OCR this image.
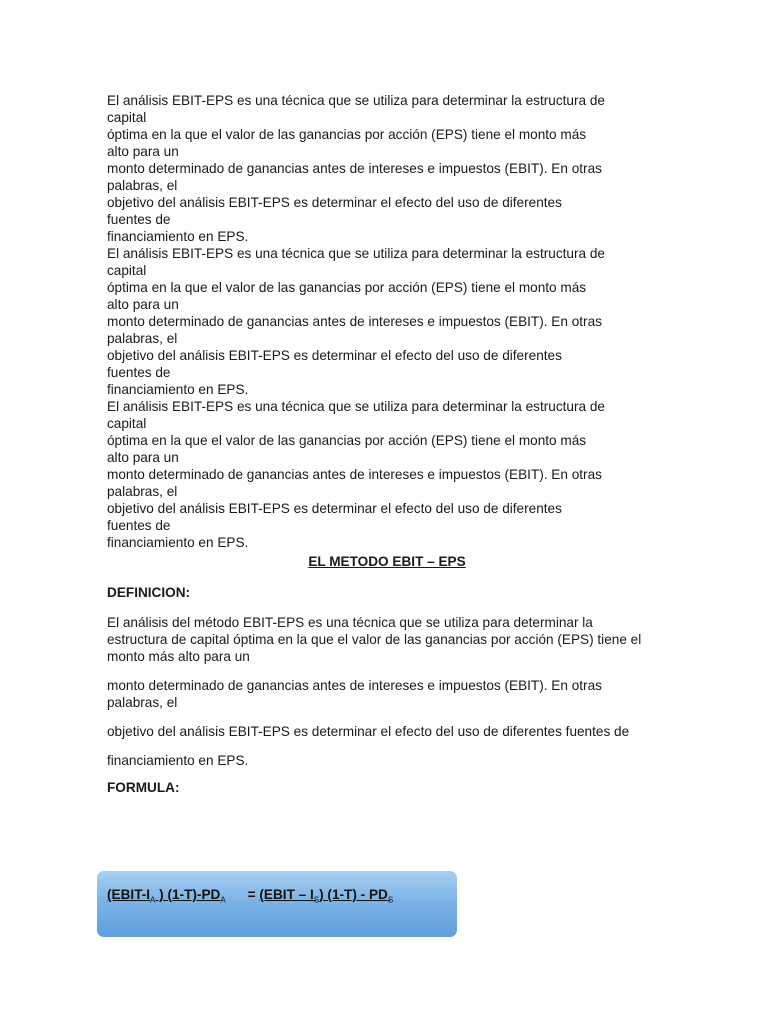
El análisis EBIT-EPS es una técnica que se utiliza para determinar la estructura de

capital

óptima en la que el valor de las ganancias por acción (EPS) tiene el monto más

alto para un

monto determinado de ganancias antes de intereses e impuestos (EBIT). En otras

palabras, el

objetivo del análisis EBIT-EPS es determinar el efecto del uso de diferentes

fuentes de

financiamiento en EPS.

El análisis EBIT-EPS es una técnica que se utiliza para determinar la estructura de

capital

óptima en la que el valor de las ganancias por acción (EPS) tiene el monto más

alto para un

monto determinado de ganancias antes de intereses e impuestos (EBIT). En otras

palabras, el

objetivo del análisis EBIT-EPS es determinar el efecto del uso de diferentes

fuentes de

financiamiento en EPS.

El análisis EBIT-EPS es una técnica que se utiliza para determinar la estructura de

capital

óptima en la que el valor de las ganancias por acción (EPS) tiene el monto más

alto para un

monto determinado de ganancias antes de intereses e impuestos (EBIT). En otras

palabras, el

objetivo del análisis EBIT-EPS es determinar el efecto del uso de diferentes

fuentes de

financiamiento en EPS.

EL METODO EBIT – EPS

DEFINICION:

El análisis del método EBIT-EPS es una técnica que se utiliza para determinar la estructura de capital óptima en la que el valor de las ganancias por acción (EPS) tiene el monto más alto para un

monto determinado de ganancias antes de intereses e impuestos (EBIT). En otras palabras, el

objetivo del análisis EBIT-EPS es determinar el efecto del uso de diferentes fuentes de

financiamiento en EPS.

FORMULA:

($EBIT-I_A$ ) $(1-T)-PD_A$ = (EBIT – $I_S$) $(1-T) - PD_S$
